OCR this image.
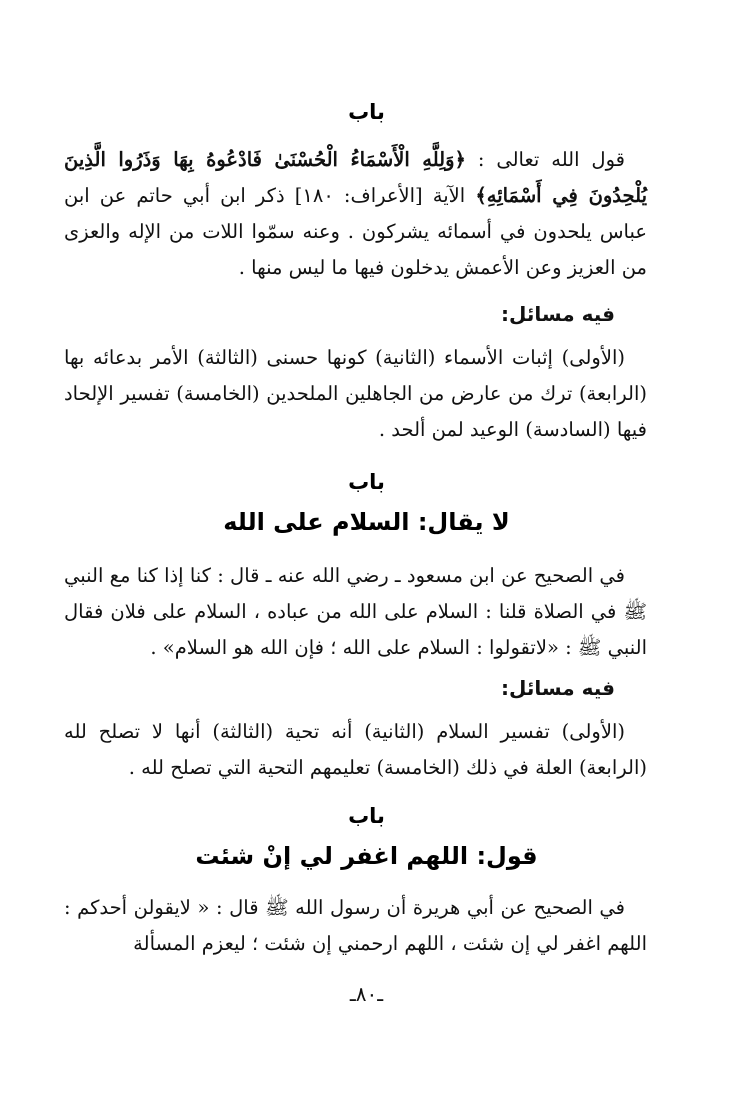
باب
قول الله تعالى : ﴿وَلِلَّهِ الْأَسْمَاءُ الْحُسْنَىٰ فَادْعُوهُ بِهَا وَذَرُوا الَّذِينَ يُلْحِدُونَ فِي أَسْمَائِهِ﴾ الآية [الأعراف: ١٨٠] ذكر ابن أبي حاتم عن ابن عباس يلحدون في أسمائه يشركون . وعنه سمّوا اللات من الإله والعزى من العزيز وعن الأعمش يدخلون فيها ما ليس منها .
فيه مسائل:
(الأولى) إثبات الأسماء (الثانية) كونها حسنى (الثالثة) الأمر بدعائه بها (الرابعة) ترك من عارض من الجاهلين الملحدين (الخامسة) تفسير الإلحاد فيها (السادسة) الوعيد لمن ألحد .
باب
لا يقال: السلام على الله
في الصحيح عن ابن مسعود ـ رضي الله عنه ـ قال : كنا إذا كنا مع النبي ﷺ في الصلاة قلنا : السلام على الله من عباده ، السلام على فلان فقال النبي ﷺ : «لاتقولوا : السلام على الله ؛ فإن الله هو السلام» .
فيه مسائل:
(الأولى) تفسير السلام (الثانية) أنه تحية (الثالثة) أنها لا تصلح لله (الرابعة) العلة في ذلك (الخامسة) تعليمهم التحية التي تصلح لله .
باب
قول: اللهم اغفر لي إنْ شئت
في الصحيح عن أبي هريرة أن رسول الله ﷺ قال : « لايقولن أحدكم : اللهم اغفر لي إن شئت ، اللهم ارحمني إن شئت ؛ ليعزم المسألة
ـ٨٠ـ
